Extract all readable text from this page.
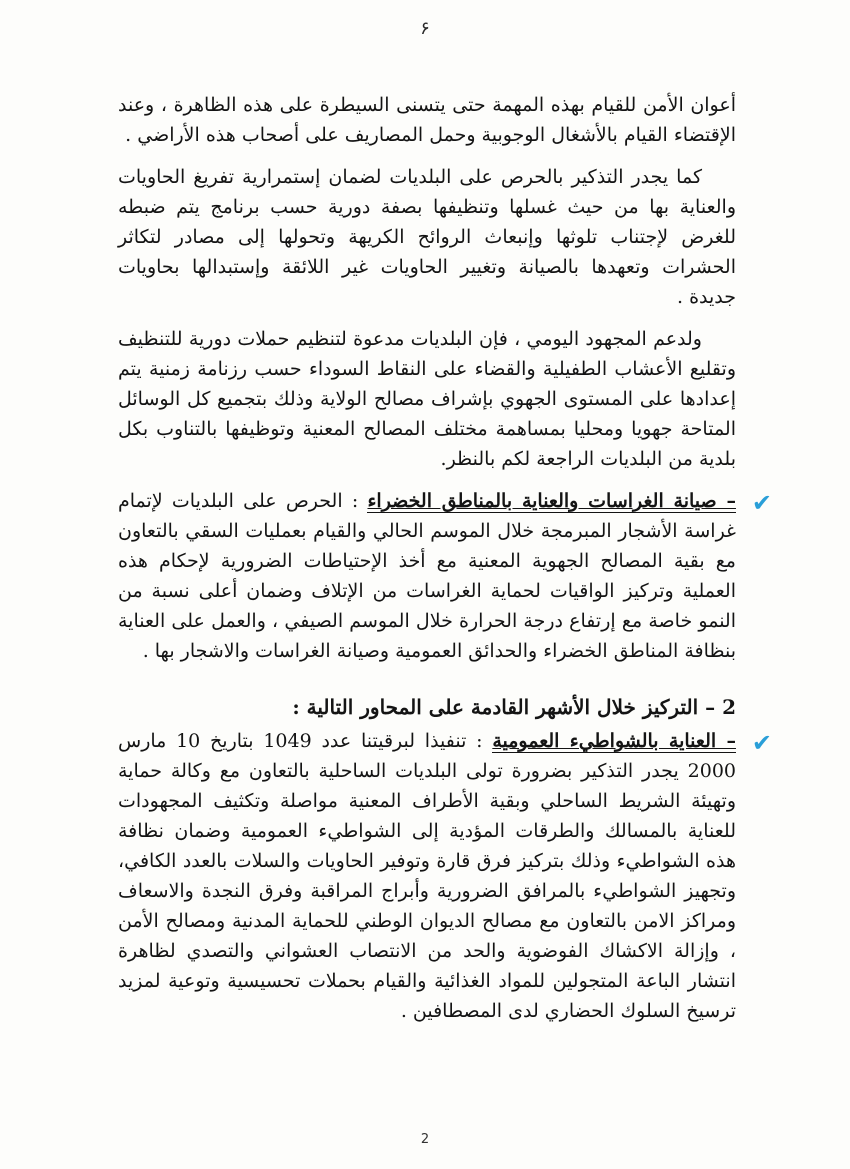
۶

أعوان الأمن للقيام بهذه المهمة حتى يتسنى السيطرة على هذه الظاهرة ، وعند الإقتضاء القيام بالأشغال الوجوبية وحمل المصاريف على أصحاب هذه الأراضي .

كما يجدر التذكير بالحرص على البلديات لضمان إستمرارية تفريغ الحاويات والعناية بها من حيث غسلها وتنظيفها بصفة دورية حسب برنامج يتم ضبطه للغرض لإجتناب تلوثها وإنبعاث الروائح الكريهة وتحولها إلى مصادر لتكاثر الحشرات وتعهدها بالصيانة وتغيير الحاويات غير اللائقة وإستبدالها بحاويات جديدة .

ولدعم المجهود اليومي ، فإن البلديات مدعوة لتنظيم حملات دورية للتنظيف وتقليع الأعشاب الطفيلية والقضاء على النقاط السوداء حسب رزنامة زمنية يتم إعدادها على المستوى الجهوي بإشراف مصالح الولاية وذلك بتجميع كل الوسائل المتاحة جهويا ومحليا بمساهمة مختلف المصالح المعنية وتوظيفها بالتناوب بكل بلدية من البلديات الراجعة لكم بالنظر.

✔
– صيانة الغراسات والعناية بالمناطق الخضراء : الحرص على البلديات لإتمام غراسة الأشجار المبرمجة خلال الموسم الحالي والقيام بعمليات السقي بالتعاون مع بقية المصالح الجهوية المعنية مع أخذ الإحتياطات الضرورية لإحكام هذه العملية وتركيز الواقيات لحماية الغراسات من الإتلاف وضمان أعلى نسبة من النمو خاصة مع إرتفاع درجة الحرارة خلال الموسم الصيفي ، والعمل على العناية بنظافة المناطق الخضراء والحدائق العمومية وصيانة الغراسات والاشجار بها .

2 – التركيز خلال الأشهر القادمة على المحاور التالية :

✔
– العناية بالشواطيء العمومية : تنفيذا لبرقيتنا عدد 1049 بتاريخ 10 مارس 2000 يجدر التذكير بضرورة تولى البلديات الساحلية بالتعاون مع وكالة حماية وتهيئة الشريط الساحلي وبقية الأطراف المعنية مواصلة وتكثيف المجهودات للعناية بالمسالك والطرقات المؤدية إلى الشواطيء العمومية وضمان نظافة هذه الشواطيء وذلك بتركيز فرق قارة وتوفير الحاويات والسلات بالعدد الكافي، وتجهيز الشواطيء بالمرافق الضرورية وأبراج المراقبة وفرق النجدة والاسعاف ومراكز الامن بالتعاون مع مصالح الديوان الوطني للحماية المدنية ومصالح الأمن ، وإزالة الاكشاك الفوضوية والحد من الانتصاب العشواني والتصدي لظاهرة انتشار الباعة المتجولين للمواد الغذائية والقيام بحملات تحسيسية وتوعية لمزيد ترسيخ السلوك الحضاري لدى المصطافين .

2
